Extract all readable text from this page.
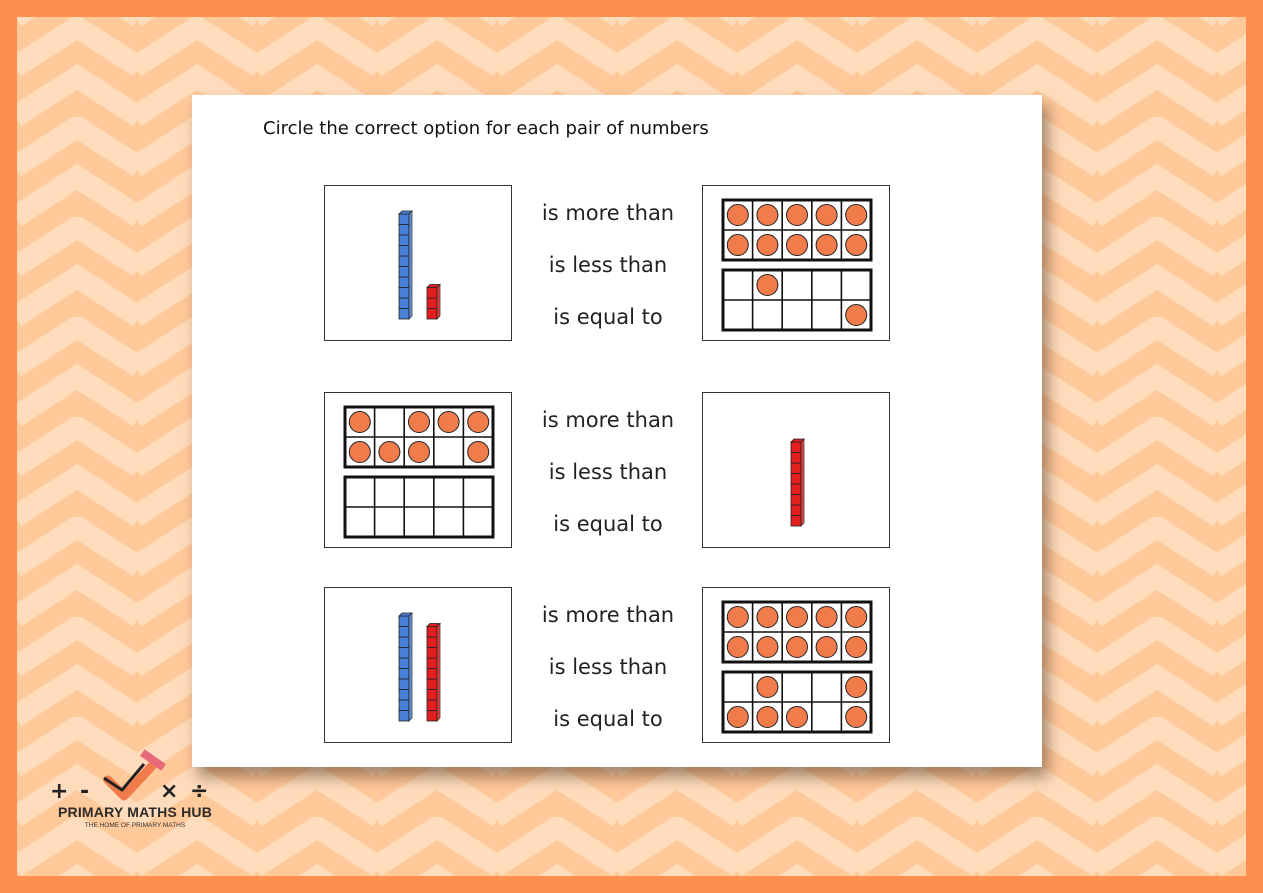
Circle the correct option for each pair of numbers
is more than
is less than
is equal to
is more than
is less than
is equal to
is more than
is less than
is equal to
+ -	× ÷
PRIMARY MATHS HUB
THE HOME OF PRIMARY MATHS
